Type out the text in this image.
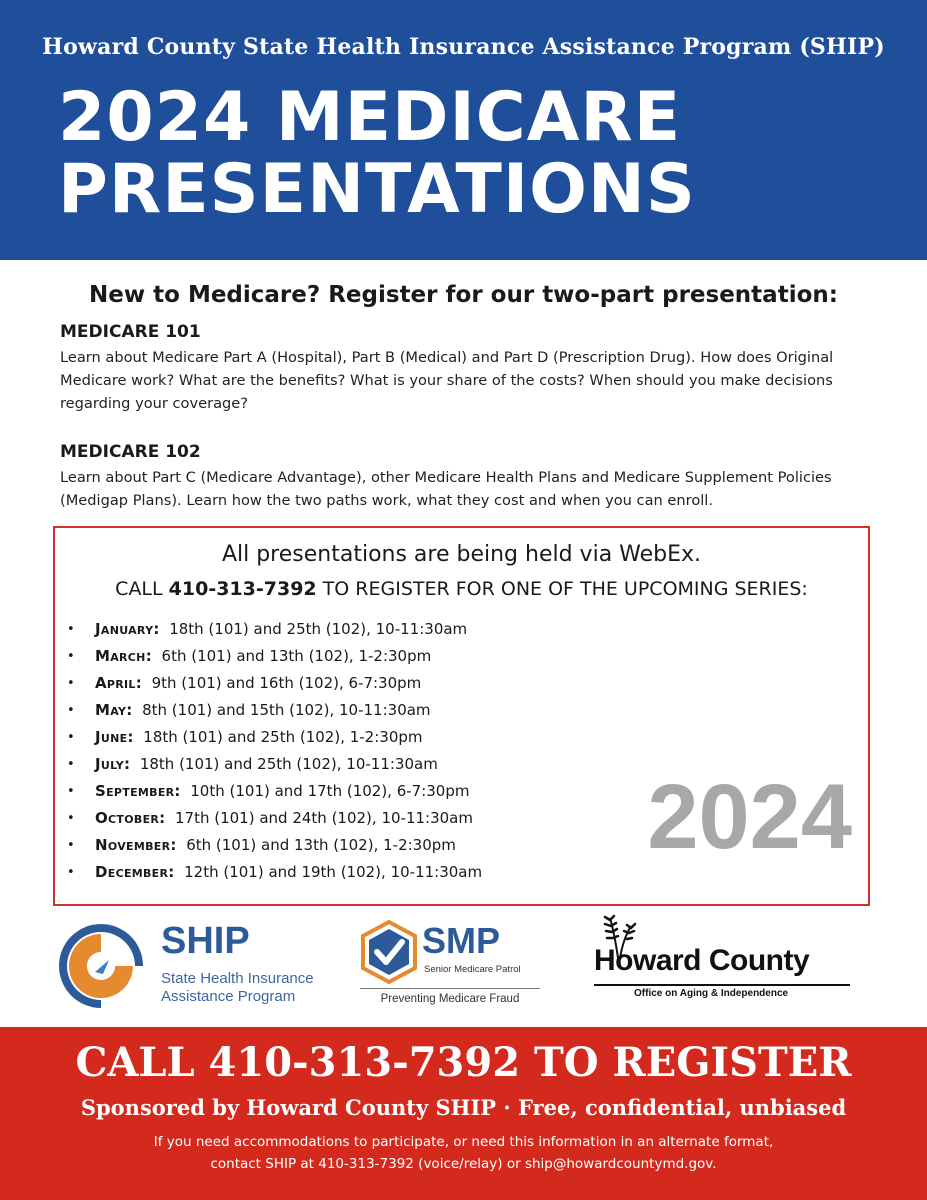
Howard County State Health Insurance Assistance Program (SHIP)
2024 MEDICARE
PRESENTATIONS
New to Medicare? Register for our two-part presentation:
MEDICARE 101

Learn about Medicare Part A (Hospital), Part B (Medical) and Part D (Prescription Drug). How does Original Medicare work? What are the benefits? What is your share of the costs? When should you make decisions regarding your coverage?

MEDICARE 102

Learn about Part C (Medicare Advantage), other Medicare Health Plans and Medicare Supplement Policies (Medigap Plans). Learn how the two paths work, what they cost and when you can enroll.

All presentations are being held via WebEx.
CALL 410-313-7392 TO REGISTER FOR ONE OF THE UPCOMING SERIES:
• January: 18th (101) and 25th (102), 10-11:30am
• March: 6th (101) and 13th (102), 1-2:30pm
• April: 9th (101) and 16th (102), 6-7:30pm
• May: 8th (101) and 15th (102), 10-11:30am
• June: 18th (101) and 25th (102), 1-2:30pm
• July: 18th (101) and 25th (102), 10-11:30am
• September: 10th (101) and 17th (102), 6-7:30pm
• October: 17th (101) and 24th (102), 10-11:30am
• November: 6th (101) and 13th (102), 1-2:30pm
• December: 12th (101) and 19th (102), 10-11:30am
2024
SHIP
State Health Insurance
Assistance Program
SMP
Senior Medicare Patrol
Preventing Medicare Fraud
Howard County
Office on Aging & Independence
CALL 410-313-7392 TO REGISTER
Sponsored by Howard County SHIP · Free, confidential, unbiased
If you need accommodations to participate, or need this information in an alternate format,
contact SHIP at 410-313-7392 (voice/relay) or ship@howardcountymd.gov.
